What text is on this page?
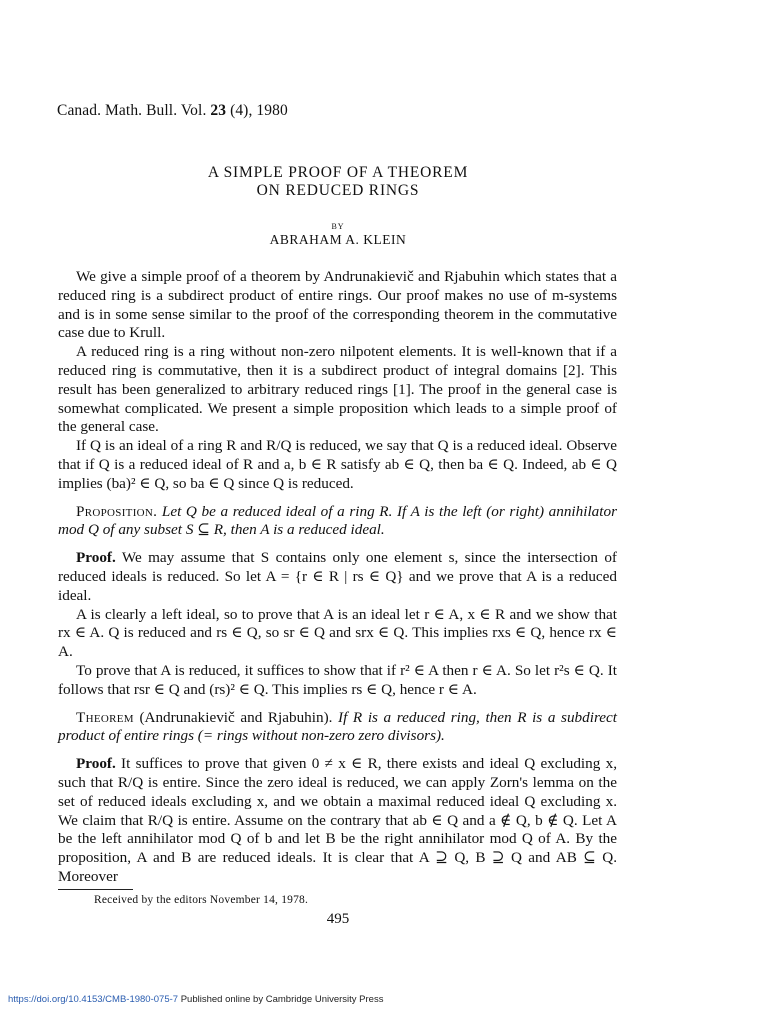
Canad. Math. Bull. Vol. 23 (4), 1980
A SIMPLE PROOF OF A THEOREM
ON REDUCED RINGS
BY
ABRAHAM A. KLEIN

We give a simple proof of a theorem by Andrunakievič and Rjabuhin which states that a reduced ring is a subdirect product of entire rings. Our proof makes no use of m-systems and is in some sense similar to the proof of the corresponding theorem in the commutative case due to Krull.

A reduced ring is a ring without non-zero nilpotent elements. It is well-known that if a reduced ring is commutative, then it is a subdirect product of integral domains [2]. This result has been generalized to arbitrary reduced rings [1]. The proof in the general case is somewhat complicated. We present a simple proposition which leads to a simple proof of the general case.

If Q is an ideal of a ring R and R/Q is reduced, we say that Q is a reduced ideal. Observe that if Q is a reduced ideal of R and a, b ∈ R satisfy ab ∈ Q, then ba ∈ Q. Indeed, ab ∈ Q implies (ba)² ∈ Q, so ba ∈ Q since Q is reduced.

Proposition. Let Q be a reduced ideal of a ring R. If A is the left (or right) annihilator mod Q of any subset S ⊆ R, then A is a reduced ideal.

Proof. We may assume that S contains only one element s, since the intersection of reduced ideals is reduced. So let A = {r ∈ R | rs ∈ Q} and we prove that A is a reduced ideal.

A is clearly a left ideal, so to prove that A is an ideal let r ∈ A, x ∈ R and we show that rx ∈ A. Q is reduced and rs ∈ Q, so sr ∈ Q and srx ∈ Q. This implies rxs ∈ Q, hence rx ∈ A.

To prove that A is reduced, it suffices to show that if r² ∈ A then r ∈ A. So let r²s ∈ Q. It follows that rsr ∈ Q and (rs)² ∈ Q. This implies rs ∈ Q, hence r ∈ A.

Theorem (Andrunakievič and Rjabuhin). If R is a reduced ring, then R is a subdirect product of entire rings (= rings without non-zero zero divisors).

Proof. It suffices to prove that given 0 ≠ x ∈ R, there exists and ideal Q excluding x, such that R/Q is entire. Since the zero ideal is reduced, we can apply Zorn's lemma on the set of reduced ideals excluding x, and we obtain a maximal reduced ideal Q excluding x. We claim that R/Q is entire. Assume on the contrary that ab ∈ Q and a ∉ Q, b ∉ Q. Let A be the left annihilator mod Q of b and let B be the right annihilator mod Q of A. By the proposition, A and B are reduced ideals. It is clear that A ⊇ Q, B ⊇ Q and AB ⊆ Q. Moreover

Received by the editors November 14, 1978.
495
https://doi.org/10.4153/CMB-1980-075-7 Published online by Cambridge University Press
